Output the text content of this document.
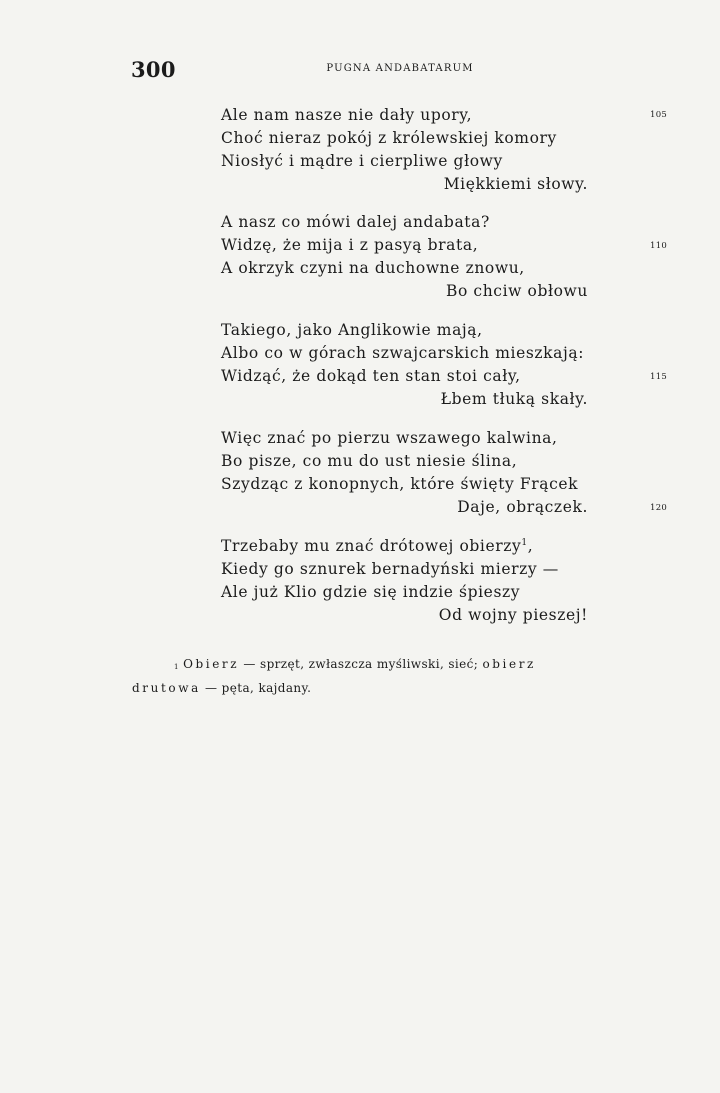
300	PUGNA ANDABATARUM
Ale nam nasze nie dały upory,	105
Choć nieraz pokój z królewskiej komory
Niosłyć i mądre i cierpliwe głowy
Miękkiemi słowy.
A nasz co mówi dalej andabata?
Widzę, że mija i z pasyą brata,	110
A okrzyk czyni na duchowne znowu,
Bo chciw obłowu
Takiego, jako Anglikowie mają,
Albo co w górach szwajcarskich mieszkają:
Widząć, że dokąd ten stan stoi cały,	115
Łbem tłuką skały.
Więc znać po pierzu wszawego kalwina,
Bo pisze, co mu do ust niesie ślina,
Szydząc z konopnych, które święty Frącek
Daje, obrączek.	120
Trzebaby mu znać drótowej obierzy$^1$,
Kiedy go sznurek bernadyński mierzy —
Ale już Klio gdzie się indzie śpieszy
Od wojny pieszej!
$^1$ Obierz — sprzęt, zwłaszcza myśliwski, sieć; obierz drutowa — pęta, kajdany.
